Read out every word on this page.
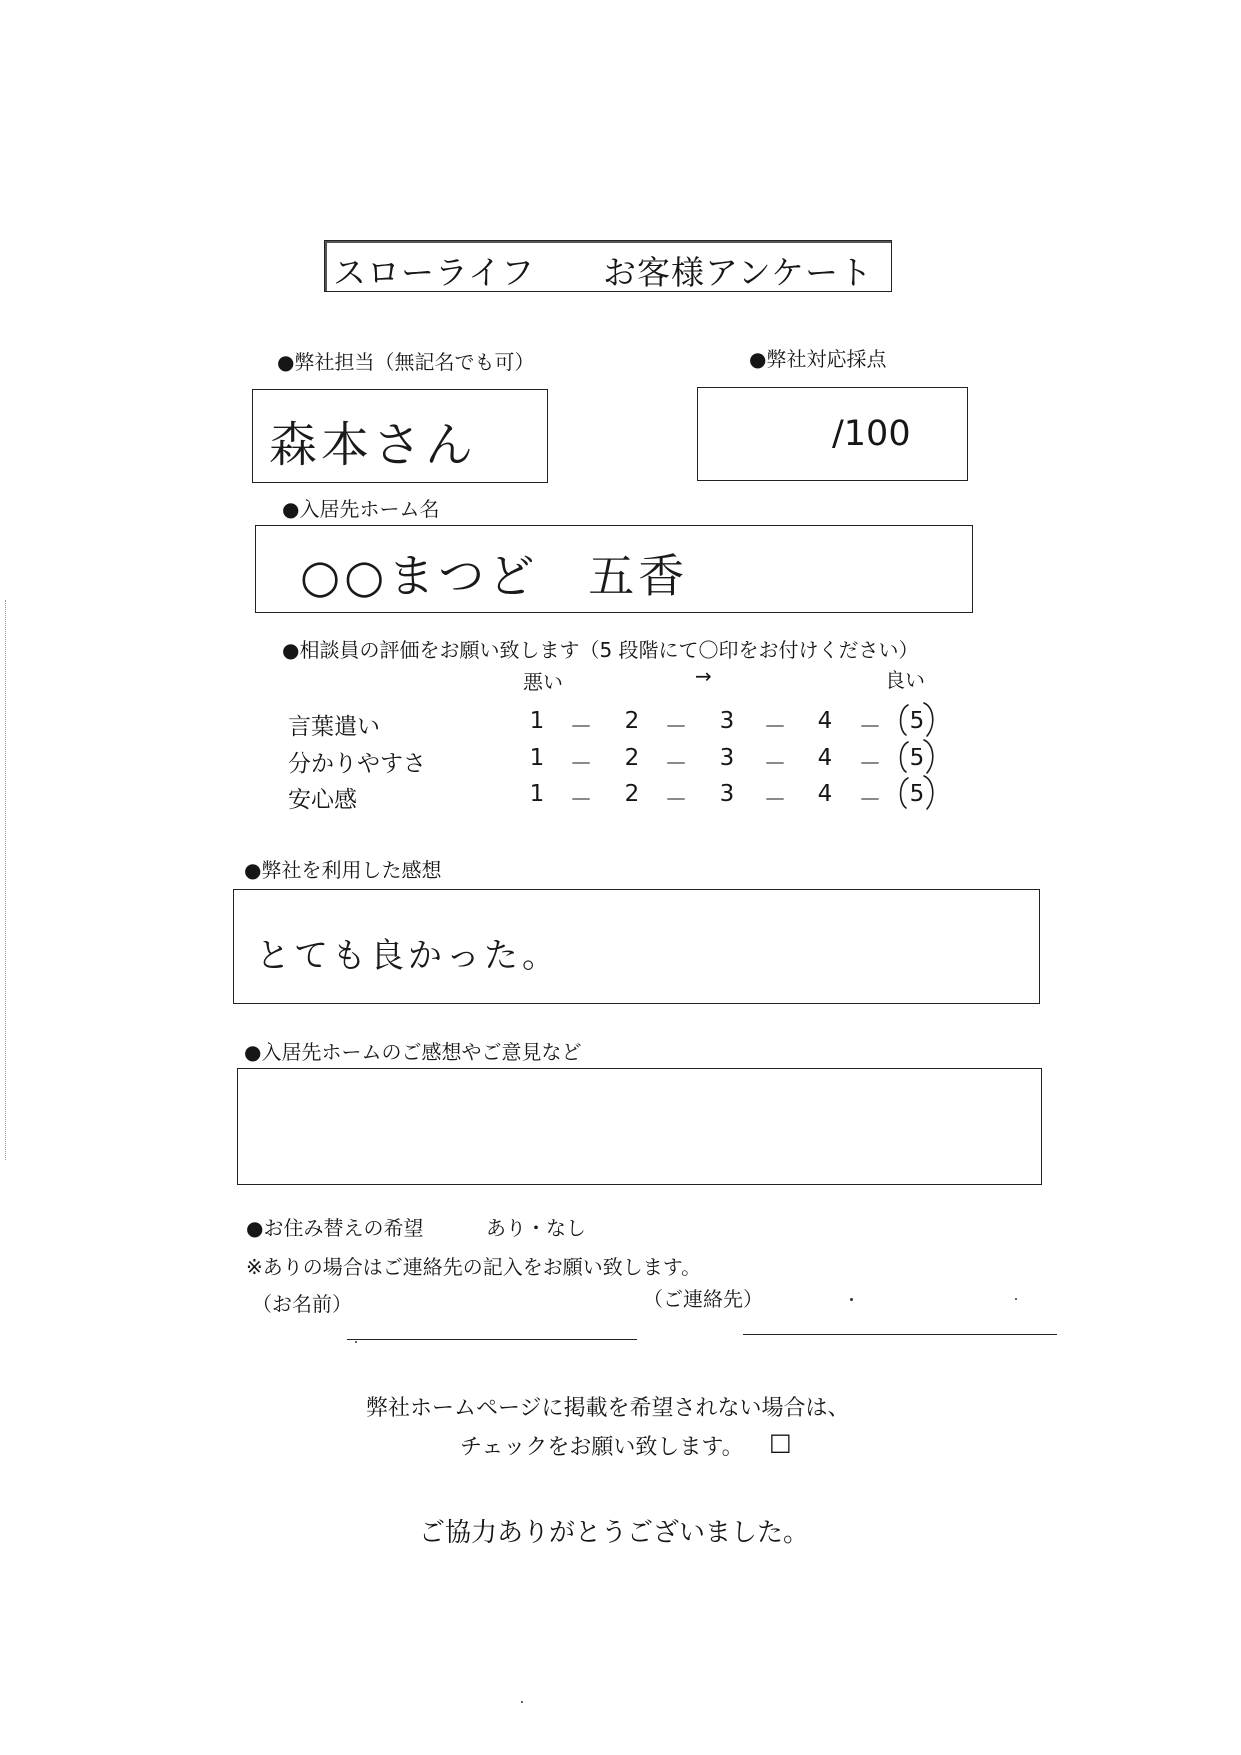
スローライフ　　お客様アンケート
●弊社担当（無記名でも可）
森本さん
●弊社対応採点
/100
●入居先ホーム名
○○まつど　五香
●相談員の評価をお願い致します（5 段階にて〇印をお付けください）
悪い	→	良い
言葉遣い	1 － 2 － 3 － 4 － 5
分かりやすさ	1 － 2 － 3 － 4 － 5
安心感	1 － 2 － 3 － 4 － 5
●弊社を利用した感想
とても良かった。
●入居先ホームのご感想やご意見など
●お住み替えの希望	あり・なし
※ありの場合はご連絡先の記入をお願い致します。
（お名前）	（ご連絡先）
弊社ホームページに掲載を希望されない場合は、
チェックをお願い致します。 □
ご協力ありがとうございました。
